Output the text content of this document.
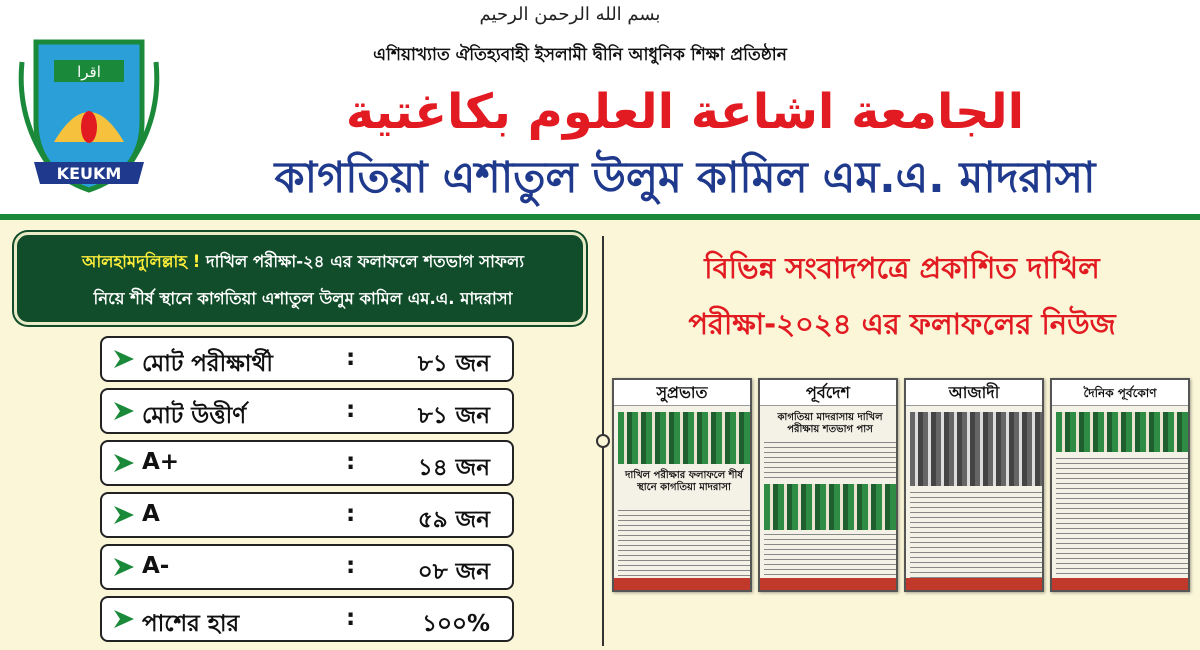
اقرا
KEUKM
بسم الله الرحمن الرحيم
এশিয়াখ্যাত ঐতিহ্যবাহী ইসলামী দ্বীনি আধুনিক শিক্ষা প্রতিষ্ঠান
الجامعة اشاعة العلوم بكاغتية
কাগতিয়া এশাতুল উলুম কামিল এম.এ. মাদরাসা
আলহামদুলিল্লাহ ! দাখিল পরীক্ষা-২৪ এর ফলাফলে শতভাগ সাফল্য
নিয়ে শীর্ষ স্থানে কাগতিয়া এশাতুল উলুম কামিল এম.এ. মাদরাসা
মোট পরীক্ষার্থী	:	৮১ জন
মোট উত্তীর্ণ	:	৮১ জন
A+	:	১৪ জন
A	:	৫৯ জন
A-	:	০৮ জন
পাশের হার	:	১০০%
বিভিন্ন সংবাদপত্রে প্রকাশিত দাখিল
পরীক্ষা-২০২৪ এর ফলাফলের নিউজ
সুপ্রভাত
দাখিল পরীক্ষার ফলাফলে শীর্ষ স্থানে কাগতিয়া মাদরাসা
পূর্বদেশ
কাগতিয়া মাদরাসায় দাখিল পরীক্ষায় শতভাগ পাস
আজাদী	দৈনিক পূর্বকোণ
